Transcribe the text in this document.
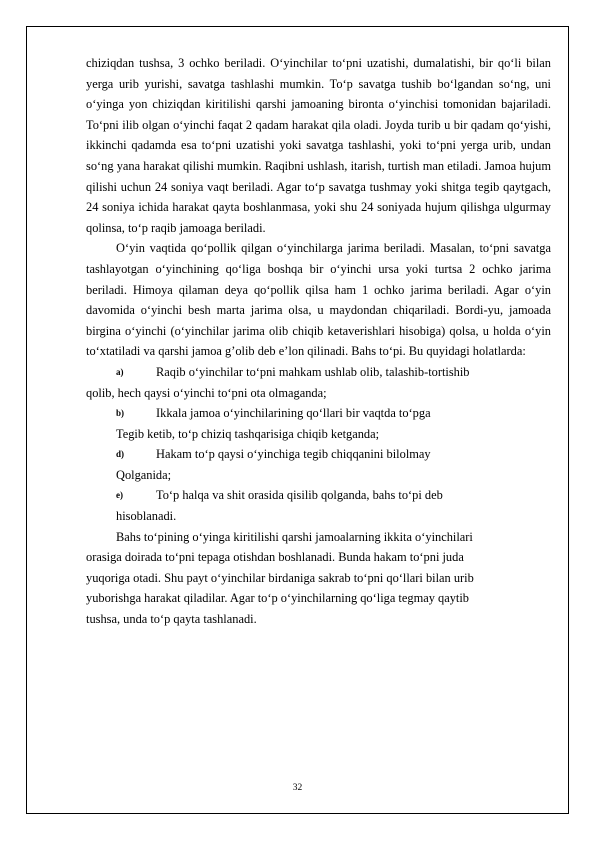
chiziqdan tushsa, 3 ochko beriladi. O‘yinchilar to‘pni uzatishi, dumalatishi, bir qo‘li bilan yerga urib yurishi, savatga tashlashi mumkin. To‘p savatga tushib bo‘lgandan so‘ng, uni o‘yinga yon chiziqdan kiritilishi qarshi jamoaning bironta o‘yinchisi tomonidan bajariladi. To‘pni ilib olgan o‘yinchi faqat 2 qadam harakat qila oladi. Joyda turib u bir qadam qo‘yishi, ikkinchi qadamda esa to‘pni uzatishi yoki savatga tashlashi, yoki to‘pni yerga urib, undan so‘ng yana harakat qilishi mumkin. Raqibni ushlash, itarish, turtish man etiladi. Jamoa hujum qilishi uchun 24 soniya vaqt beriladi. Agar to‘p savatga tushmay yoki shitga tegib qaytgach, 24 soniya ichida harakat qayta boshlanmasa, yoki shu 24 soniyada hujum qilishga ulgurmay qolinsa, to‘p raqib jamoaga beriladi.

O‘yin vaqtida qo‘pollik qilgan o‘yinchilarga jarima beriladi. Masalan, to‘pni savatga tashlayotgan o‘yinchining qo‘liga boshqa bir o‘yinchi ursa yoki turtsa 2 ochko jarima beriladi. Himoya qilaman deya qo‘pollik qilsa ham 1 ochko jarima beriladi. Agar o‘yin davomida o‘yinchi besh marta jarima olsa, u maydondan chiqariladi. Bordi-yu, jamoada birgina o‘yinchi (o‘yinchilar jarima olib chiqib ketaverishlari hisobiga) qolsa, u holda o‘yin to‘xtatiladi va qarshi jamoa g’olib deb e’lon qilinadi. Bahs to‘pi. Bu quyidagi holatlarda:

a)	Raqib o‘yinchilar to‘pni mahkam ushlab olib, talashib-tortishib
qolib, hech qaysi o‘yinchi to‘pni ota olmaganda;
b)	Ikkala jamoa o‘yinchilarining qo‘llari bir vaqtda to‘pga
Tegib ketib, to‘p chiziq tashqarisiga chiqib ketganda;
d)	Hakam to‘p qaysi o‘yinchiga tegib chiqqanini bilolmay
Qolganida;
e)	To‘p halqa va shit orasida qisilib qolganda, bahs to‘pi deb
hisoblanadi.
Bahs to‘pining o‘yinga kiritilishi qarshi jamoalarning ikkita o‘yinchilari
orasiga doirada to‘pni tepaga otishdan boshlanadi. Bunda hakam to‘pni juda
yuqoriga otadi. Shu payt o‘yinchilar birdaniga sakrab to‘pni qo‘llari bilan urib
yuborishga harakat qiladilar. Agar to‘p o‘yinchilarning qo‘liga tegmay qaytib
tushsa, unda to‘p qayta tashlanadi.
32
